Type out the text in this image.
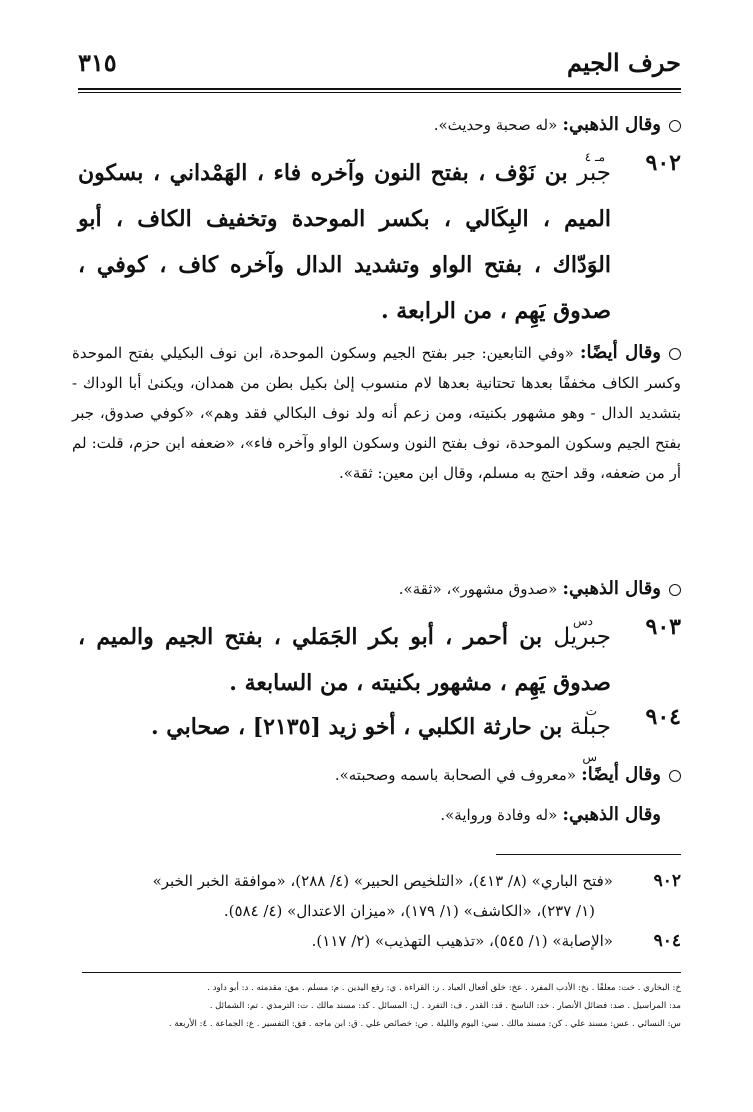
حرف الجيم
٣١٥
وقال الذهبي: «له صحبة وحديث».
٩٠٢
مـ ٤
جبر بن نَوْف ، بفتح النون وآخره فاء ، الهَمْداني ، بسكون الميم ، البِكَالي ، بكسر الموحدة وتخفيف الكاف ، أبو الوَدّاك ، بفتح الواو وتشديد الدال وآخره كاف ، كوفي ، صدوق يَهِم ، من الرابعة .
وقال أيضًا: «وفي التابعين: جبر بفتح الجيم وسكون الموحدة، ابن نوف البكيلي بفتح الموحدة وكسر الكاف مخففًا بعدها تحتانية بعدها لام منسوب إلىٰ بكيل بطن من همدان، ويكنىٰ أبا الوداك - بتشديد الدال - وهو مشهور بكنيته، ومن زعم أنه ولد نوف البكالي فقد وهم»، «كوفي صدوق، جبر بفتح الجيم وسكون الموحدة، نوف بفتح النون وسكون الواو وآخره فاء»، «ضعفه ابن حزم، قلت: لم أر من ضعفه، وقد احتج به مسلم، وقال ابن معين: ثقة».
وقال الذهبي: «صدوق مشهور»، «ثقة».
٩٠٣
دس
جبريل بن أحمر ، أبو بكر الجَمَلي ، بفتح الجيم والميم ، صدوق يَهِم ، مشهور بكنيته ، من السابعة .
٩٠٤
ت س
جبلة بن حارثة الكلبي ، أخو زيد [٢١٣٥] ، صحابي .
وقال أيضًا: «معروف في الصحابة باسمه وصحبته».
وقال الذهبي: «له وفادة ورواية».
٩٠٢«فتح الباري» (٨/ ٤١٣)، «التلخيص الحبير» (٤/ ٢٨٨)، «موافقة الخبر الخبر»
(١/ ٢٣٧)، «الكاشف» (١/ ١٧٩)، «ميزان الاعتدال» (٤/ ٥٨٤).
٩٠٤«الإصابة» (١/ ٥٤٥)، «تذهيب التهذيب» (٢/ ١١٧).
خ: البخاري . خت: معلقًا . بخ: الأدب المفرد . عخ: خلق أفعال العباد . ر: القراءة . ي: رفع اليدين . م: مسلم . مق: مقدمته . د: أبو داود .
مد: المراسيل . صد: فضائل الأنصار . خد: الناسخ . قد: القدر . ف: التفرد . ل: المسائل . كد: مسند مالك . ت: الترمذي . تم: الشمائل .
س: النسائي . عس: مسند علي . كن: مسند مالك . سي: اليوم والليلة . ص: خصائص علي . ق: ابن ماجه . فق: التفسير . ع: الجماعة . ٤: الأربعة .
